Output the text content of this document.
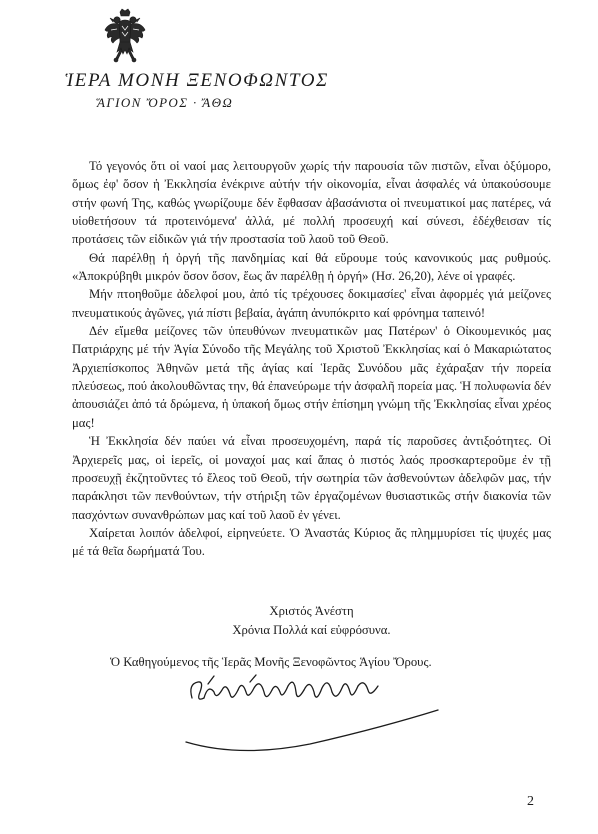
ἹΕΡΑ ΜΟΝΗ ΞΕΝΟΦΩΝΤΟΣ
ἍΓΙΟΝ ὌΡΟΣ · ἌΘΩ

Τό γεγονός ὅτι οἱ ναοί μας λειτουργοῦν χωρίς τήν παρουσία τῶν πιστῶν, εἶναι ὀξύμορο, ὅμως ἐφ' ὅσον ἡ Ἐκκλησία ἐνέκρινε αὐτήν τήν οἰκονομία, εἶναι ἀσφαλές νά ὑπακούσουμε στήν φωνή Της, καθώς γνωρίζουμε δέν ἔφθασαν ἀβασάνιστα οἱ πνευματικοί μας πατέρες, νά υἱοθετήσουν τά προτεινόμενα' ἀλλά, μέ πολλή προσευχή καί σύνεσι, ἐδέχθεισαν τίς προτάσεις τῶν εἰδικῶν γιά τήν προστασία τοῦ λαοῦ τοῦ Θεοῦ.

Θά παρέλθῃ ἡ ὀργή τῆς πανδημίας καί θά εὕρουμε τούς κανονικούς μας ρυθμούς. «Ἀποκρύβηθι μικρόν ὅσον ὅσον, ἕως ἄν παρέλθῃ ἡ ὀργή» (Ησ. 26,20), λένε οἱ γραφές.

Μήν πτοηθοῦμε ἀδελφοί μου, ἀπό τίς τρέχουσες δοκιμασίες' εἶναι ἀφορμές γιά μείζονες πνευματικούς ἀγῶνες, γιά πίστι βεβαία, ἀγάπη ἀνυπόκριτο καί φρόνημα ταπεινό!

Δέν εἴμεθα μείζονες τῶν ὑπευθύνων πνευματικῶν μας Πατέρων' ὁ Οἰκουμενικός μας Πατριάρχης μέ τήν Ἁγία Σύνοδο τῆς Μεγάλης τοῦ Χριστοῦ Ἐκκλησίας καί ὁ Μακαριώτατος Ἀρχιεπίσκοπος Ἀθηνῶν μετά τῆς ἁγίας καί Ἱερᾶς Συνόδου μᾶς ἐχάραξαν τήν πορεία πλεύσεως, πού ἀκολουθῶντας την, θά ἐπανεύρωμε τήν ἀσφαλῆ πορεία μας. Ἡ πολυφωνία δέν ἀπουσιάζει ἀπό τά δρώμενα, ἡ ὑπακοή ὅμως στήν ἐπίσημη γνώμη τῆς Ἐκκλησίας εἶναι χρέος μας!

Ἡ Ἐκκλησία δέν παύει νά εἶναι προσευχομένη, παρά τίς παροῦσες ἀντιξοότητες. Οἱ Ἀρχιερεῖς μας, οἱ ἱερεῖς, οἱ μοναχοί μας καί ἅπας ὁ πιστός λαός προσκαρτεροῦμε ἐν τῇ προσευχῇ ἐκζητοῦντες τό ἔλεος τοῦ Θεοῦ, τήν σωτηρία τῶν ἀσθενούντων ἀδελφῶν μας, τήν παράκλησι τῶν πενθούντων, τήν στήριξη τῶν ἐργαζομένων θυσιαστικῶς στήν διακονία τῶν πασχόντων συνανθρώπων μας καί τοῦ λαοῦ ἐν γένει.

Χαίρεται λοιπόν ἀδελφοί, εἰρηνεύετε. Ὁ Ἀναστάς Κύριος ἄς πλημμυρίσει τίς ψυχές μας μέ τά θεῖα δωρήματά Του.

Χριστός Ἀνέστη
Χρόνια Πολλά καί εὐφρόσυνα.
Ὁ Καθηγούμενος τῆς Ἱερᾶς Μονῆς Ξενοφῶντος Ἁγίου Ὄρους.
2
